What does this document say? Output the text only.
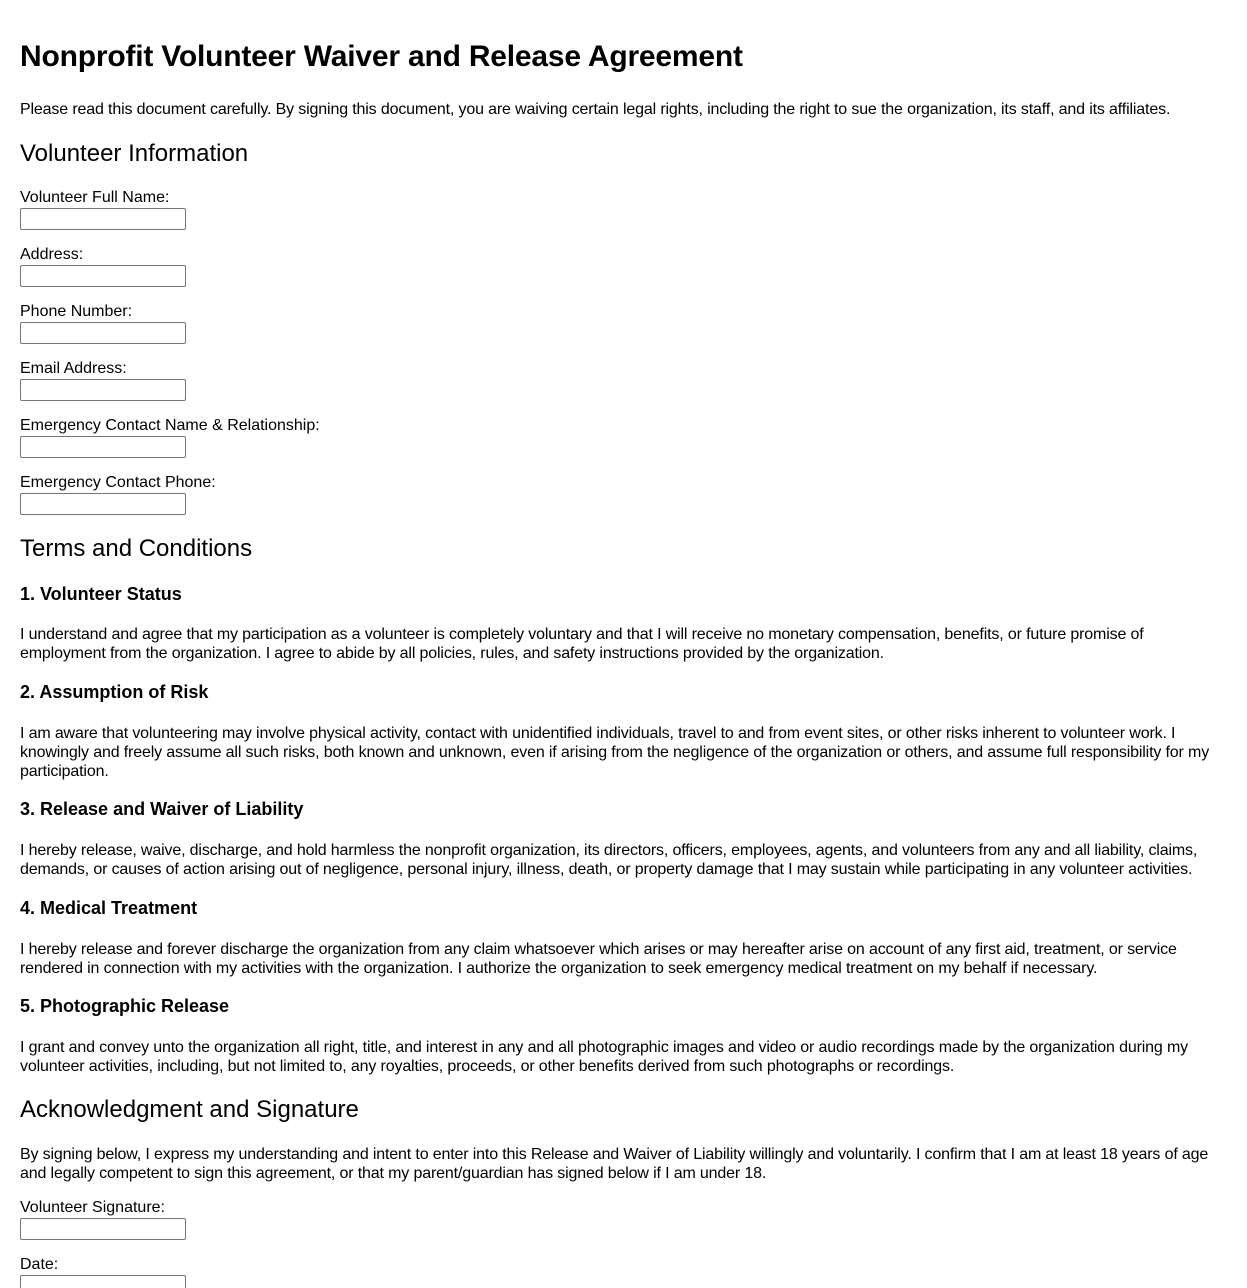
Nonprofit Volunteer Waiver and Release Agreement

Please read this document carefully. By signing this document, you are waiving certain legal rights, including the right to sue the organization, its staff, and its affiliates.

Volunteer Information
Volunteer Full Name:
Address:
Phone Number:
Email Address:
Emergency Contact Name & Relationship:
Emergency Contact Phone:
Terms and Conditions
1. Volunteer Status

I understand and agree that my participation as a volunteer is completely voluntary and that I will receive no monetary compensation, benefits, or future promise of employment from the organization. I agree to abide by all policies, rules, and safety instructions provided by the organization.

2. Assumption of Risk

I am aware that volunteering may involve physical activity, contact with unidentified individuals, travel to and from event sites, or other risks inherent to volunteer work. I knowingly and freely assume all such risks, both known and unknown, even if arising from the negligence of the organization or others, and assume full responsibility for my participation.

3. Release and Waiver of Liability

I hereby release, waive, discharge, and hold harmless the nonprofit organization, its directors, officers, employees, agents, and volunteers from any and all liability, claims, demands, or causes of action arising out of negligence, personal injury, illness, death, or property damage that I may sustain while participating in any volunteer activities.

4. Medical Treatment

I hereby release and forever discharge the organization from any claim whatsoever which arises or may hereafter arise on account of any first aid, treatment, or service rendered in connection with my activities with the organization. I authorize the organization to seek emergency medical treatment on my behalf if necessary.

5. Photographic Release

I grant and convey unto the organization all right, title, and interest in any and all photographic images and video or audio recordings made by the organization during my volunteer activities, including, but not limited to, any royalties, proceeds, or other benefits derived from such photographs or recordings.

Acknowledgment and Signature

By signing below, I express my understanding and intent to enter into this Release and Waiver of Liability willingly and voluntarily. I confirm that I am at least 18 years of age and legally competent to sign this agreement, or that my parent/guardian has signed below if I am under 18.

Volunteer Signature:
Date:
